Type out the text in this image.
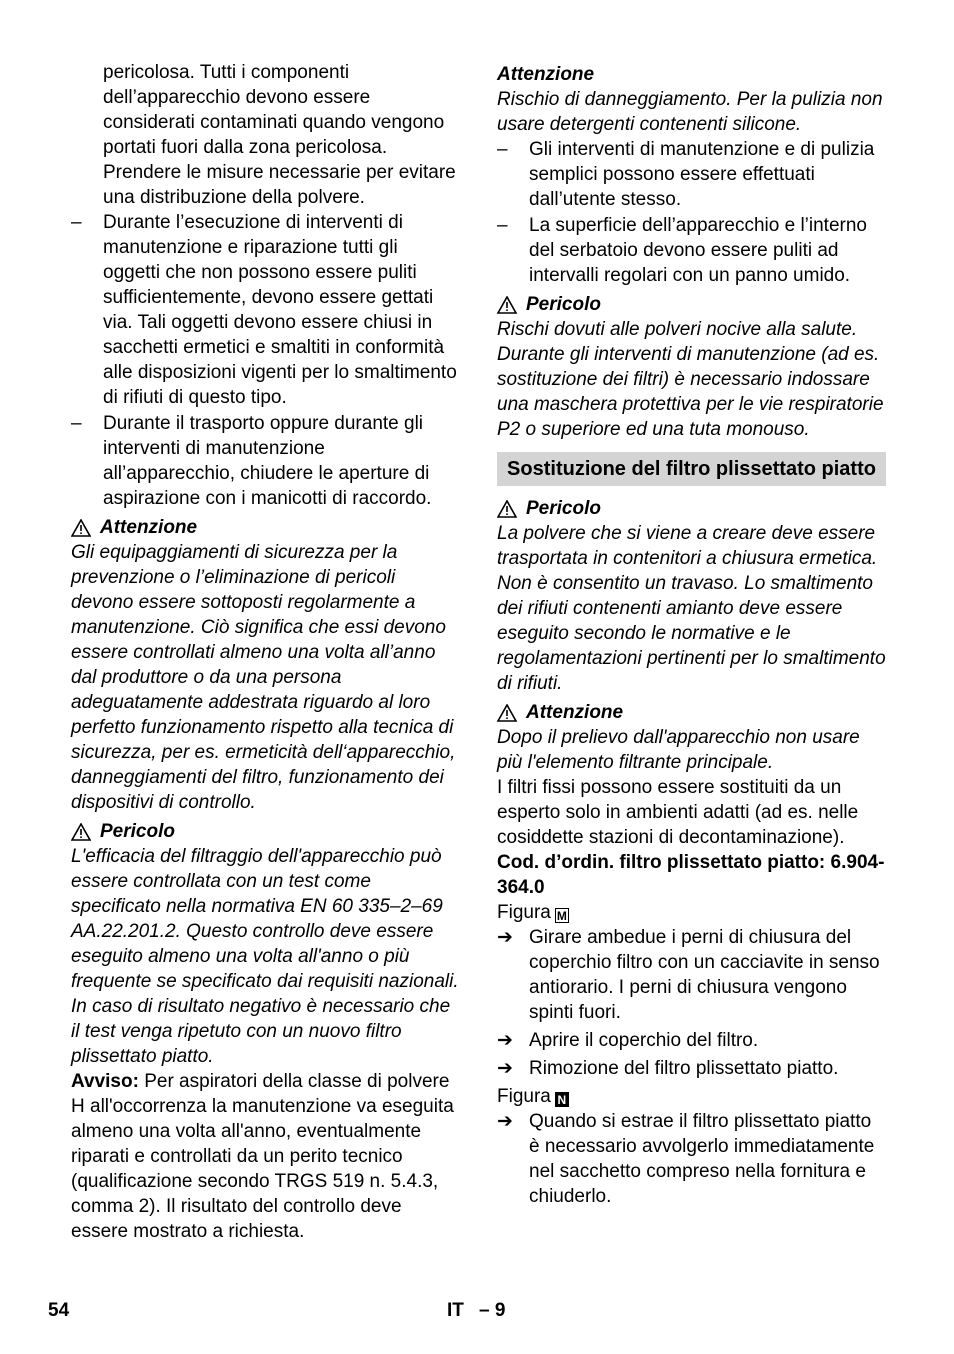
pericolosa. Tutti i componenti dell’apparecchio devono essere considerati contaminati quando vengono portati fuori dalla zona pericolosa. Prendere le misure necessarie per evitare una distribuzione della polvere.

– Durante l’esecuzione di interventi di manutenzione e riparazione tutti gli oggetti che non possono essere puliti sufficientemente, devono essere gettati via. Tali oggetti devono essere chiusi in sacchetti ermetici e smaltiti in conformità alle disposizioni vigenti per lo smaltimento di rifiuti di questo tipo.
– Durante il trasporto oppure durante gli interventi di manutenzione all’apparecchio, chiudere le aperture di aspirazione con i manicotti di raccordo.
Attenzione

Gli equipaggiamenti di sicurezza per la prevenzione o l’eliminazione di pericoli devono essere sottoposti regolarmente a manutenzione. Ciò significa che essi devono essere controllati almeno una volta all’anno dal produttore o da una persona adeguatamente addestrata riguardo al loro perfetto funzionamento rispetto alla tecnica di sicurezza, per es. ermeticità dell‘apparecchio, danneggiamenti del filtro, funzionamento dei dispositivi di controllo.

Pericolo

L'efficacia del filtraggio dell'apparecchio può essere controllata con un test come specificato nella normativa EN 60 335–2–69 AA.22.201.2. Questo controllo deve essere eseguito almeno una volta all'anno o più frequente se specificato dai requisiti nazionali. In caso di risultato negativo è necessario che il test venga ripetuto con un nuovo filtro plissettato piatto.

Avviso: Per aspiratori della classe di polvere H all'occorrenza la manutenzione va eseguita almeno una volta all'anno, eventualmente riparati e controllati da un perito tecnico (qualificazione secondo TRGS 519 n. 5.4.3, comma 2). Il risultato del controllo deve essere mostrato a richiesta.

Attenzione

Rischio di danneggiamento. Per la pulizia non usare detergenti contenenti silicone.

– Gli interventi di manutenzione e di pulizia semplici possono essere effettuati dall’utente stesso.
– La superficie dell’apparecchio e l’interno del serbatoio devono essere puliti ad intervalli regolari con un panno umido.
Pericolo

Rischi dovuti alle polveri nocive alla salute. Durante gli interventi di manutenzione (ad es. sostituzione dei filtri) è necessario indossare una maschera protettiva per le vie respiratorie P2 o superiore ed una tuta monouso.

Sostituzione del filtro plissettato piatto
Pericolo

La polvere che si viene a creare deve essere trasportata in contenitori a chiusura ermetica. Non è consentito un travaso. Lo smaltimento dei rifiuti contenenti amianto deve essere eseguito secondo le normative e le regolamentazioni pertinenti per lo smaltimento di rifiuti.

Attenzione

Dopo il prelievo dall'apparecchio non usare più l'elemento filtrante principale.

I filtri fissi possono essere sostituiti da un esperto solo in ambienti adatti (ad es. nelle cosiddette stazioni di decontaminazione).

Cod. d’ordin. filtro plissettato piatto: 6.904-364.0

Figura M

➔ Girare ambedue i perni di chiusura del coperchio filtro con un cacciavite in senso antiorario. I perni di chiusura vengono spinti fuori.
➔ Aprire il coperchio del filtro.
➔ Rimozione del filtro plissettato piatto.

Figura N

➔ Quando si estrae il filtro plissettato piatto è necessario avvolgerlo immediatamente nel sacchetto compreso nella fornitura e chiuderlo.
54	IT – 9
